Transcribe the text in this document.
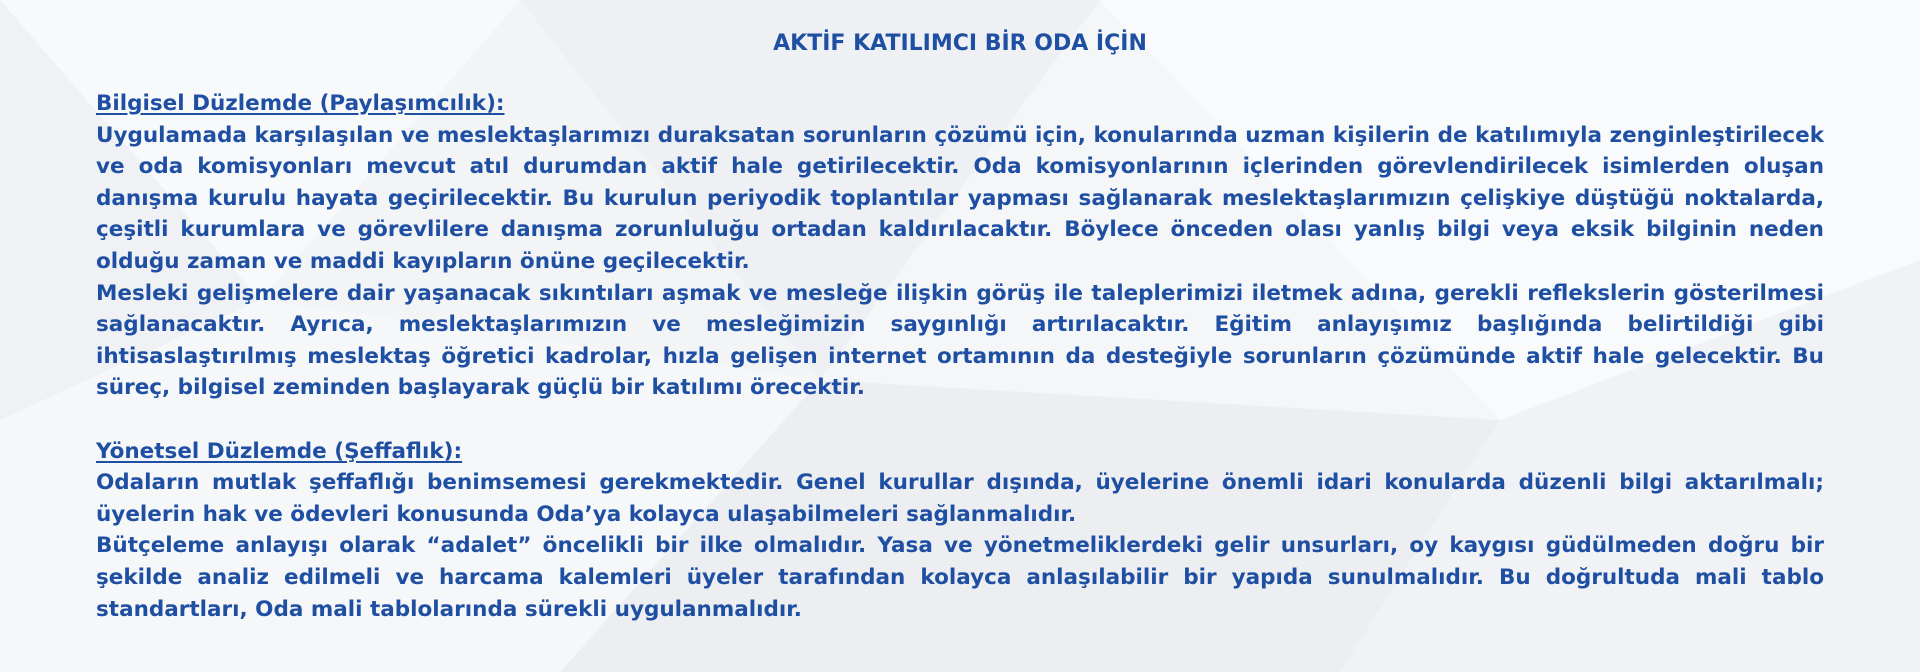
AKTİF KATILIMCI BİR ODA İÇİN

Bilgisel Düzlemde (Paylaşımcılık):

Uygulamada karşılaşılan ve meslektaşlarımızı duraksatan sorunların çözümü için, konularında uzman kişilerin de katılımıyla zenginleştirilecek ve oda komisyonları mevcut atıl durumdan aktif hale getirilecektir. Oda komisyonlarının içlerinden görevlendirilecek isimlerden oluşan danışma kurulu hayata geçirilecektir. Bu kurulun periyodik toplantılar yapması sağlanarak meslektaşlarımızın çelişkiye düştüğü noktalarda, çeşitli kurumlara ve görevlilere danışma zorunluluğu ortadan kaldırılacaktır. Böylece önceden olası yanlış bilgi veya eksik bilginin neden olduğu zaman ve maddi kayıpların önüne geçilecektir.

Mesleki gelişmelere dair yaşanacak sıkıntıları aşmak ve mesleğe ilişkin görüş ile taleplerimizi iletmek adına, gerekli reflekslerin gösterilmesi sağlanacaktır. Ayrıca, meslektaşlarımızın ve mesleğimizin saygınlığı artırılacaktır. Eğitim anlayışımız başlığında belirtildiği gibi ihtisaslaştırılmış meslektaş öğretici kadrolar, hızla gelişen internet ortamının da desteğiyle sorunların çözümünde aktif hale gelecektir. Bu süreç, bilgisel zeminden başlayarak güçlü bir katılımı örecektir.

Yönetsel Düzlemde (Şeffaflık):

Odaların mutlak şeffaflığı benimsemesi gerekmektedir. Genel kurullar dışında, üyelerine önemli idari konularda düzenli bilgi aktarılmalı; üyelerin hak ve ödevleri konusunda Oda’ya kolayca ulaşabilmeleri sağlanmalıdır.

Bütçeleme anlayışı olarak “adalet” öncelikli bir ilke olmalıdır. Yasa ve yönetmeliklerdeki gelir unsurları, oy kaygısı güdülmeden doğru bir şekilde analiz edilmeli ve harcama kalemleri üyeler tarafından kolayca anlaşılabilir bir yapıda sunulmalıdır. Bu doğrultuda mali tablo standartları, Oda mali tablolarında sürekli uygulanmalıdır.
